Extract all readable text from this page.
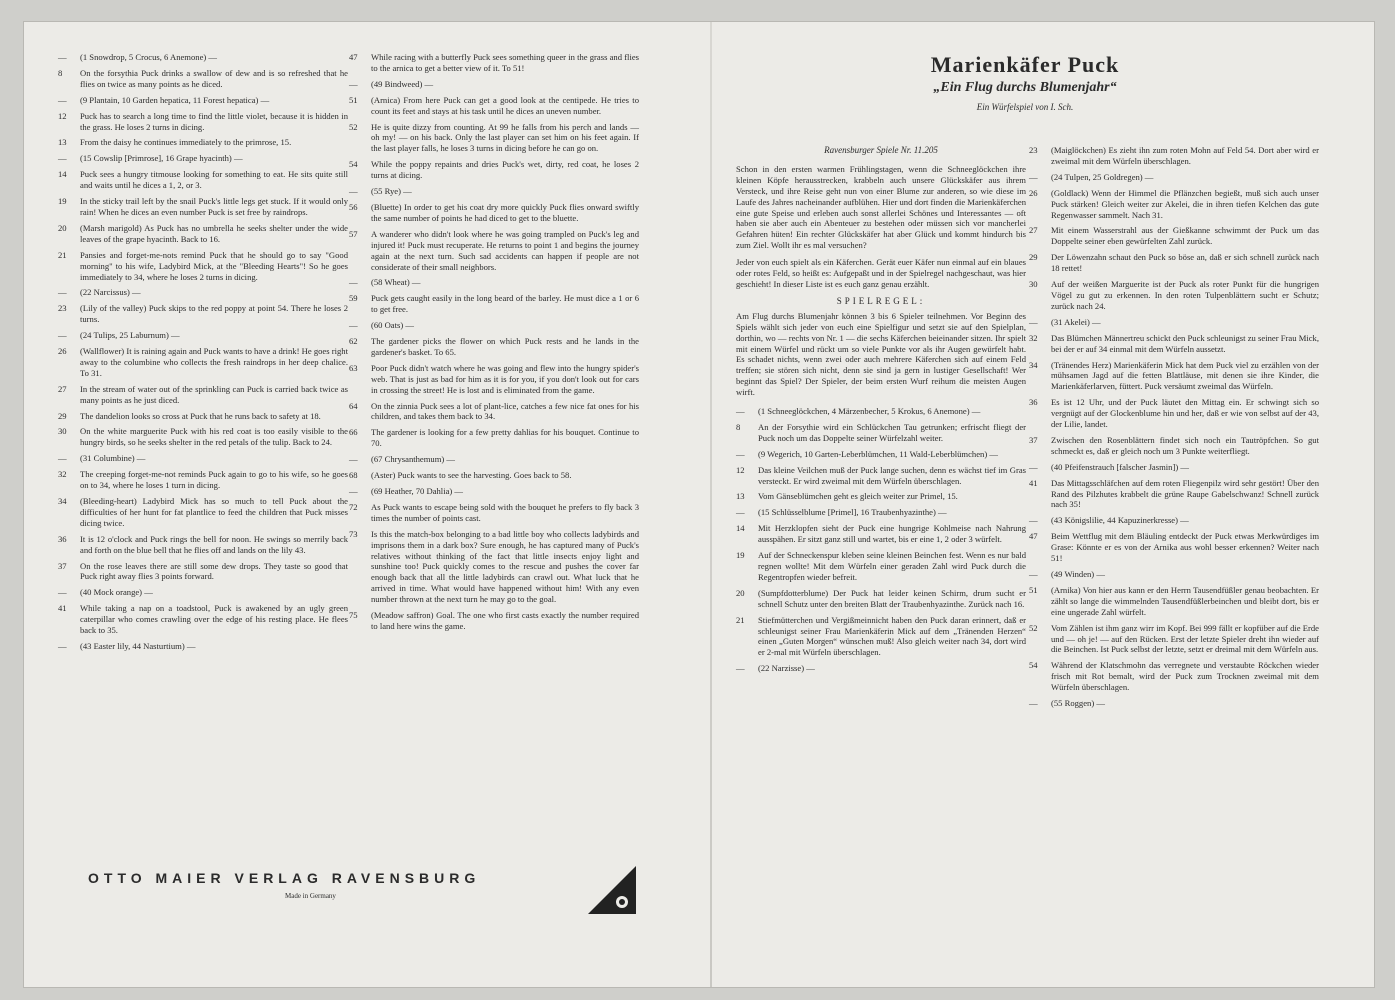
—	(1 Snowdrop, 5 Crocus, 6 Anemone) —
8	On the forsythia Puck drinks a swallow of dew and is so refreshed that he flies on twice as many points as he diced.
—	(9 Plantain, 10 Garden hepatica, 11 Forest hepatica) —
12	Puck has to search a long time to find the little violet, because it is hidden in the grass. He loses 2 turns in dicing.
13	From the daisy he continues immediately to the primrose, 15.
—	(15 Cowslip [Primrose], 16 Grape hyacinth) —
14	Puck sees a hungry titmouse looking for something to eat. He sits quite still and waits until he dices a 1, 2, or 3.
19	In the sticky trail left by the snail Puck's little legs get stuck. If it would only rain! When he dices an even number Puck is set free by raindrops.
20	(Marsh marigold) As Puck has no umbrella he seeks shelter under the wide leaves of the grape hyacinth. Back to 16.
21	Pansies and forget-me-nots remind Puck that he should go to say "Good morning" to his wife, Ladybird Mick, at the "Bleeding Hearts"! So he goes immediately to 34, where he loses 2 turns in dicing.
—	(22 Narcissus) —
23	(Lily of the valley) Puck skips to the red poppy at point 54. There he loses 2 turns.
—	(24 Tulips, 25 Laburnum) —
26	(Wallflower) It is raining again and Puck wants to have a drink! He goes right away to the columbine who collects the fresh raindrops in her deep chalice. To 31.
27	In the stream of water out of the sprinkling can Puck is carried back twice as many points as he just diced.
29	The dandelion looks so cross at Puck that he runs back to safety at 18.
30	On the white marguerite Puck with his red coat is too easily visible to the hungry birds, so he seeks shelter in the red petals of the tulip. Back to 24.
—	(31 Columbine) —
32	The creeping forget-me-not reminds Puck again to go to his wife, so he goes on to 34, where he loses 1 turn in dicing.
34	(Bleeding-heart) Ladybird Mick has so much to tell Puck about the difficulties of her hunt for fat plantlice to feed the children that Puck misses dicing twice.
36	It is 12 o'clock and Puck rings the bell for noon. He swings so merrily back and forth on the blue bell that he flies off and lands on the lily 43.
37	On the rose leaves there are still some dew drops. They taste so good that Puck right away flies 3 points forward.
—	(40 Mock orange) —
41	While taking a nap on a toadstool, Puck is awakened by an ugly green caterpillar who comes crawling over the edge of his resting place. He flees back to 35.
—	(43 Easter lily, 44 Nasturtium) —
47	While racing with a butterfly Puck sees something queer in the grass and flies to the arnica to get a better view of it. To 51!
—	(49 Bindweed) —
51	(Arnica) From here Puck can get a good look at the centipede. He tries to count its feet and stays at his task until he dices an uneven number.
52	He is quite dizzy from counting. At 99 he falls from his perch and lands — oh my! — on his back. Only the last player can set him on his feet again. If the last player falls, he loses 3 turns in dicing before he can go on.
54	While the poppy repaints and dries Puck's wet, dirty, red coat, he loses 2 turns at dicing.
—	(55 Rye) —
56	(Bluette) In order to get his coat dry more quickly Puck flies onward swiftly the same number of points he had diced to get to the bluette.
57	A wanderer who didn't look where he was going trampled on Puck's leg and injured it! Puck must recuperate. He returns to point 1 and begins the journey again at the next turn. Such sad accidents can happen if people are not considerate of their small neighbors.
—	(58 Wheat) —
59	Puck gets caught easily in the long beard of the barley. He must dice a 1 or 6 to get free.
—	(60 Oats) —
62	The gardener picks the flower on which Puck rests and he lands in the gardener's basket. To 65.
63	Poor Puck didn't watch where he was going and flew into the hungry spider's web. That is just as bad for him as it is for you, if you don't look out for cars in crossing the street! He is lost and is eliminated from the game.
64	On the zinnia Puck sees a lot of plant-lice, catches a few nice fat ones for his children, and takes them back to 34.
66	The gardener is looking for a few pretty dahlias for his bouquet. Continue to 70.
—	(67 Chrysanthemum) —
68	(Aster) Puck wants to see the harvesting. Goes back to 58.
—	(69 Heather, 70 Dahlia) —
72	As Puck wants to escape being sold with the bouquet he prefers to fly back 3 times the number of points cast.
73	Is this the match-box belonging to a bad little boy who collects ladybirds and imprisons them in a dark box? Sure enough, he has captured many of Puck's relatives without thinking of the fact that little insects enjoy light and sunshine too! Puck quickly comes to the rescue and pushes the cover far enough back that all the little ladybirds can crawl out. What luck that he arrived in time. What would have happened without him! With any even number thrown at the next turn he may go to the goal.
75	(Meadow saffron) Goal. The one who first casts exactly the number required to land here wins the game.
OTTO MAIER VERLAG RAVENSBURG
Made in Germany
Marienkäfer Puck
„Ein Flug durchs Blumenjahr“
Ein Würfelspiel von I. Sch.
Ravensburger Spiele Nr. 11.205
Schon in den ersten warmen Frühlingstagen, wenn die Schneeglöckchen ihre kleinen Köpfe herausstrecken, krabbeln auch unsere Glückskäfer aus ihrem Versteck, und ihre Reise geht nun von einer Blume zur anderen, so wie diese im Laufe des Jahres nacheinander aufblühen. Hier und dort finden die Marienkäferchen eine gute Speise und erleben auch sonst allerlei Schönes und Interessantes — oft haben sie aber auch ein Abenteuer zu bestehen oder müssen sich vor mancherlei Gefahren hüten! Ein rechter Glückskäfer hat aber Glück und kommt hindurch bis zum Ziel. Wollt ihr es mal versuchen?
Jeder von euch spielt als ein Käferchen. Gerät euer Käfer nun einmal auf ein blaues oder rotes Feld, so heißt es: Aufgepaßt und in der Spielregel nachgeschaut, was hier geschieht! In dieser Liste ist es euch ganz genau erzählt.
SPIELREGEL:
Am Flug durchs Blumenjahr können 3 bis 6 Spieler teilnehmen. Vor Beginn des Spiels wählt sich jeder von euch eine Spielfigur und setzt sie auf den Spielplan, dorthin, wo — rechts von Nr. 1 — die sechs Käferchen beieinander sitzen. Ihr spielt mit einem Würfel und rückt um so viele Punkte vor als ihr Augen gewürfelt habt. Es schadet nichts, wenn zwei oder auch mehrere Käferchen sich auf einem Feld treffen; sie stören sich nicht, denn sie sind ja gern in lustiger Gesellschaft! Wer beginnt das Spiel? Der Spieler, der beim ersten Wurf reihum die meisten Augen wirft.
—	(1 Schneeglöckchen, 4 Märzenbecher, 5 Krokus, 6 Anemone) —
8	An der Forsythie wird ein Schlückchen Tau getrunken; erfrischt fliegt der Puck noch um das Doppelte seiner Würfelzahl weiter.
—	(9 Wegerich, 10 Garten-Leberblümchen, 11 Wald-Leberblümchen) —
12	Das kleine Veilchen muß der Puck lange suchen, denn es wächst tief im Gras versteckt. Er wird zweimal mit dem Würfeln überschlagen.
13	Vom Gänseblümchen geht es gleich weiter zur Primel, 15.
—	(15 Schlüsselblume [Primel], 16 Traubenhyazinthe) —
14	Mit Herzklopfen sieht der Puck eine hungrige Kohlmeise nach Nahrung ausspähen. Er sitzt ganz still und wartet, bis er eine 1, 2 oder 3 würfelt.
19	Auf der Schneckenspur kleben seine kleinen Beinchen fest. Wenn es nur bald regnen wollte! Mit dem Würfeln einer geraden Zahl wird Puck durch die Regentropfen wieder befreit.
20	(Sumpfdotterblume) Der Puck hat leider keinen Schirm, drum sucht er schnell Schutz unter den breiten Blatt der Traubenhyazinthe. Zurück nach 16.
21	Stiefmütterchen und Vergißmeinnicht haben den Puck daran erinnert, daß er schleunigst seiner Frau Marienkäferin Mick auf dem „Tränenden Herzen“ einen „Guten Morgen“ wünschen muß! Also gleich weiter nach 34, dort wird er 2-mal mit Würfeln überschlagen.
—	(22 Narzisse) —
23	(Maiglöckchen) Es zieht ihn zum roten Mohn auf Feld 54. Dort aber wird er zweimal mit dem Würfeln überschlagen.
—	(24 Tulpen, 25 Goldregen) —
26	(Goldlack) Wenn der Himmel die Pflänzchen begießt, muß sich auch unser Puck stärken! Gleich weiter zur Akelei, die in ihren tiefen Kelchen das gute Regenwasser sammelt. Nach 31.
27	Mit einem Wasserstrahl aus der Gießkanne schwimmt der Puck um das Doppelte seiner eben gewürfelten Zahl zurück.
29	Der Löwenzahn schaut den Puck so böse an, daß er sich schnell zurück nach 18 rettet!
30	Auf der weißen Marguerite ist der Puck als roter Punkt für die hungrigen Vögel zu gut zu erkennen. In den roten Tulpenblättern sucht er Schutz; zurück nach 24.
—	(31 Akelei) —
32	Das Blümchen Männertreu schickt den Puck schleunigst zu seiner Frau Mick, bei der er auf 34 einmal mit dem Würfeln aussetzt.
34	(Tränendes Herz) Marienkäferin Mick hat dem Puck viel zu erzählen von der mühsamen Jagd auf die fetten Blattläuse, mit denen sie ihre Kinder, die Marienkäferlarven, füttert. Puck versäumt zweimal das Würfeln.
36	Es ist 12 Uhr, und der Puck läutet den Mittag ein. Er schwingt sich so vergnügt auf der Glockenblume hin und her, daß er wie von selbst auf der 43, der Lilie, landet.
37	Zwischen den Rosenblättern findet sich noch ein Tautröpfchen. So gut schmeckt es, daß er gleich noch um 3 Punkte weiterfliegt.
—	(40 Pfeifenstrauch [falscher Jasmin]) —
41	Das Mittagsschläfchen auf dem roten Fliegenpilz wird sehr gestört! Über den Rand des Pilzhutes krabbelt die grüne Raupe Gabelschwanz! Schnell zurück nach 35!
—	(43 Königslilie, 44 Kapuzinerkresse) —
47	Beim Wettflug mit dem Bläuling entdeckt der Puck etwas Merkwürdiges im Grase: Könnte er es von der Arnika aus wohl besser erkennen? Weiter nach 51!
—	(49 Winden) —
51	(Arnika) Von hier aus kann er den Herrn Tausendfüßler genau beobachten. Er zählt so lange die wimmelnden Tausendfüßlerbeinchen und bleibt dort, bis er eine ungerade Zahl würfelt.
52	Vom Zählen ist ihm ganz wirr im Kopf. Bei 999 fällt er kopfüber auf die Erde und — oh je! — auf den Rücken. Erst der letzte Spieler dreht ihn wieder auf die Beinchen. Ist Puck selbst der letzte, setzt er dreimal mit dem Würfeln aus.
54	Während der Klatschmohn das verregnete und verstaubte Röckchen wieder frisch mit Rot bemalt, wird der Puck zum Trocknen zweimal mit dem Würfeln überschlagen.
—	(55 Roggen) —
